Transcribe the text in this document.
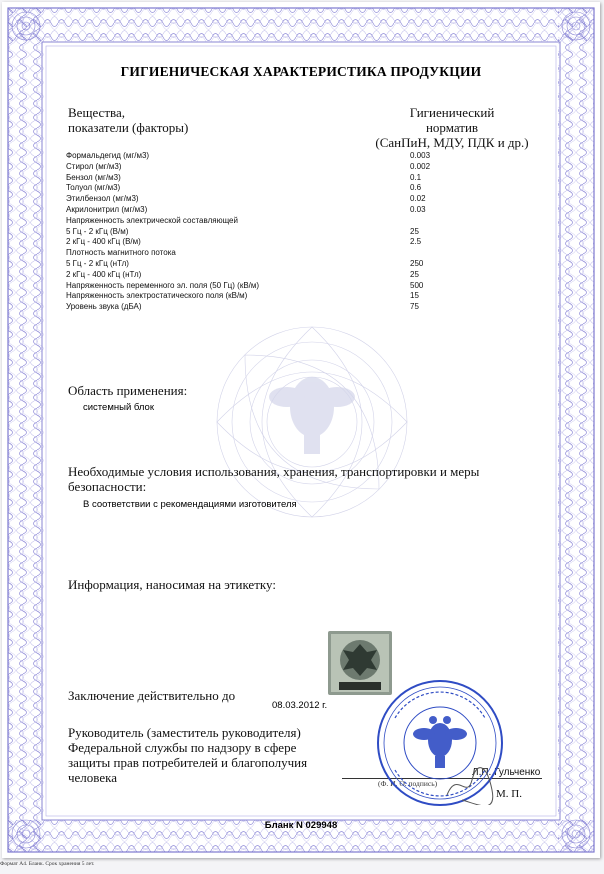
ГИГИЕНИЧЕСКАЯ ХАРАКТЕРИСТИКА ПРОДУКЦИИ
Вещества,
показатели (факторы)
Гигиенический
норматив
(СанПиН, МДУ, ПДК и др.)
Формальдегид (мг/м3)	0.003
Стирол (мг/м3)	0.002
Бензол (мг/м3)	0.1
Толуол (мг/м3)	0.6
Этилбензол (мг/м3)	0.02
Акрилонитрил (мг/м3)	0.03
Напряженность электрической составляющей
5 Гц - 2 кГц (В/м)	25
2 кГц - 400 кГц (В/м)	2.5
Плотность магнитного потока
5 Гц - 2 кГц (нТл)	250
2 кГц - 400 кГц (нТл)	25
Напряженность переменного эл. поля (50 Гц) (кВ/м)	500
Напряженность электростатического поля (кВ/м)	15
Уровень звука (дБА)	75
Область применения:
системный блок
Необходимые условия использования, хранения, транспортировки и меры
безопасности:
В соответствии с рекомендациями изготовителя
Информация, наносимая на этикетку:
Заключение действительно до
08.03.2012 г.
Руководитель (заместитель руководителя)
Федеральной службы по надзору в сфере
защиты прав потребителей и благополучия
человека	(Ф. И. О. подпись)
Л.П. Гульченко
М. П.
Бланк N 029948
Формат А4. Бланк. Срок хранения 5 лет.
